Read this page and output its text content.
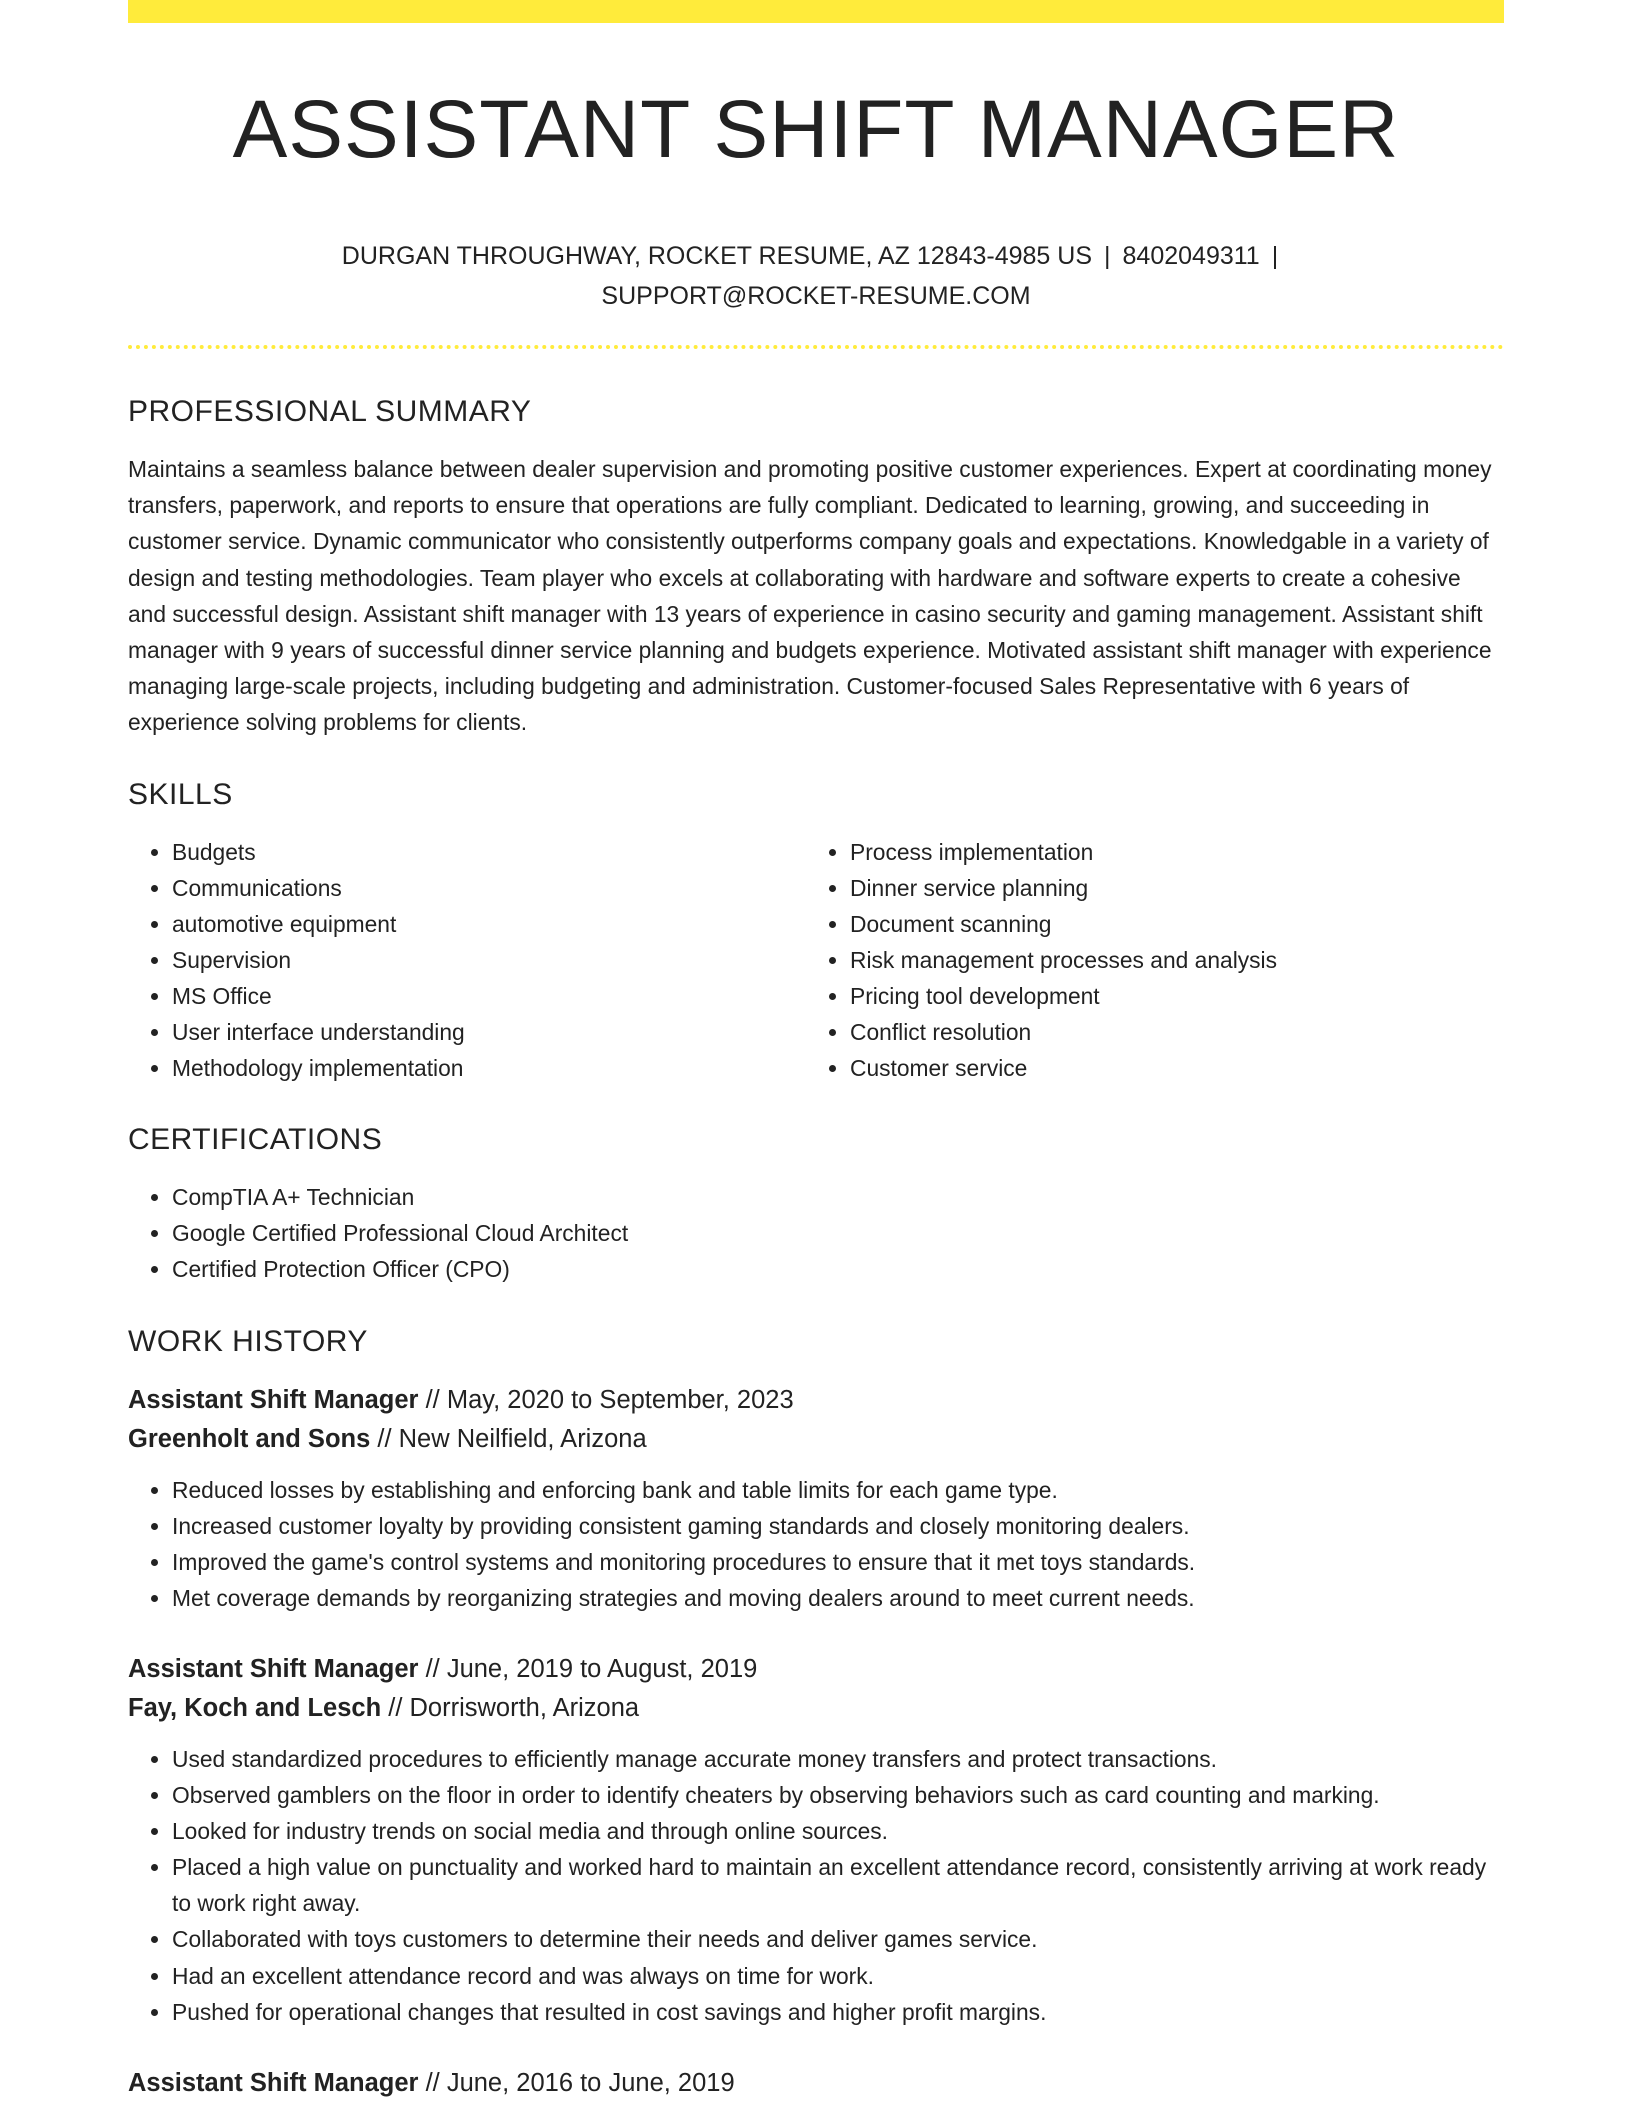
ASSISTANT SHIFT MANAGER
DURGAN THROUGHWAY, ROCKET RESUME, AZ 12843-4985 US | 8402049311 |
SUPPORT@ROCKET-RESUME.COM
PROFESSIONAL SUMMARY

Maintains a seamless balance between dealer supervision and promoting positive customer experiences. Expert at coordinating money transfers, paperwork, and reports to ensure that operations are fully compliant. Dedicated to learning, growing, and succeeding in customer service. Dynamic communicator who consistently outperforms company goals and expectations. Knowledgable in a variety of design and testing methodologies. Team player who excels at collaborating with hardware and software experts to create a cohesive and successful design. Assistant shift manager with 13 years of experience in casino security and gaming management. Assistant shift manager with 9 years of successful dinner service planning and budgets experience. Motivated assistant shift manager with experience managing large-scale projects, including budgeting and administration. Customer-focused Sales Representative with 6 years of experience solving problems for clients.

SKILLS
• Budgets
• Communications
• automotive equipment
• Supervision
• MS Office
• User interface understanding
• Methodology implementation
• Process implementation
• Dinner service planning
• Document scanning
• Risk management processes and analysis
• Pricing tool development
• Conflict resolution
• Customer service
CERTIFICATIONS
• CompTIA A+ Technician
• Google Certified Professional Cloud Architect
• Certified Protection Officer (CPO)
WORK HISTORY
Assistant Shift Manager // May, 2020 to September, 2023
Greenholt and Sons // New Neilfield, Arizona
• Reduced losses by establishing and enforcing bank and table limits for each game type.
• Increased customer loyalty by providing consistent gaming standards and closely monitoring dealers.
• Improved the game's control systems and monitoring procedures to ensure that it met toys standards.
• Met coverage demands by reorganizing strategies and moving dealers around to meet current needs.
Assistant Shift Manager // June, 2019 to August, 2019
Fay, Koch and Lesch // Dorrisworth, Arizona
• Used standardized procedures to efficiently manage accurate money transfers and protect transactions.
• Observed gamblers on the floor in order to identify cheaters by observing behaviors such as card counting and marking.
• Looked for industry trends on social media and through online sources.
• Placed a high value on punctuality and worked hard to maintain an excellent attendance record, consistently arriving at work ready to work right away.
• Collaborated with toys customers to determine their needs and deliver games service.
• Had an excellent attendance record and was always on time for work.
• Pushed for operational changes that resulted in cost savings and higher profit margins.
Assistant Shift Manager // June, 2016 to June, 2019
